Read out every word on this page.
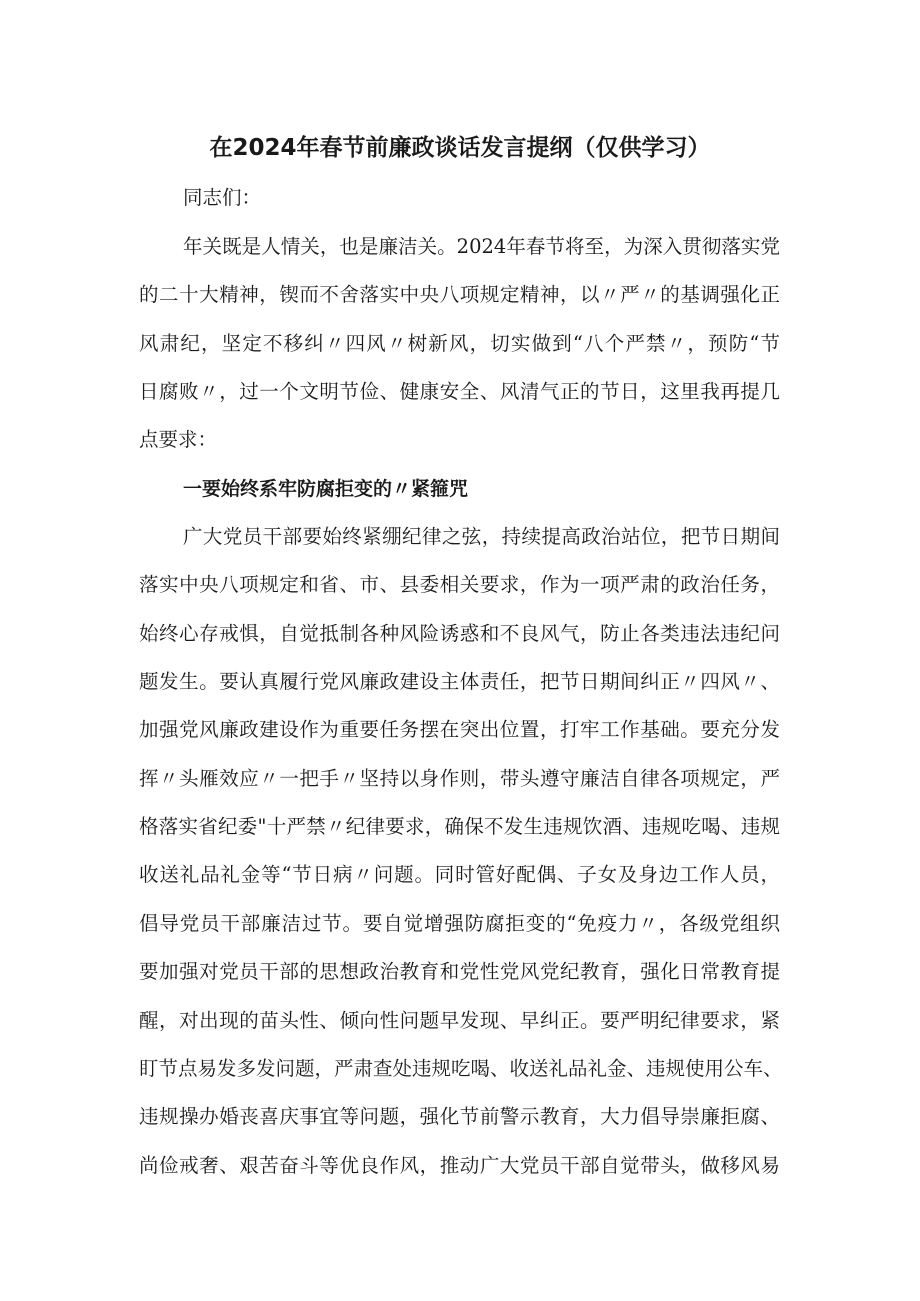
在2024年春节前廉政谈话发言提纲（仅供学习）
同志们：
年关既是人情关，也是廉洁关。2024年春节将至，为深入贯彻落实党
的二十大精神，锲而不舍落实中央八项规定精神，以〃严〃的基调强化正
风肃纪，坚定不移纠〃四风〃树新风，切实做到“八个严禁〃，预防“节
日腐败〃，过一个文明节俭、健康安全、风清气正的节日，这里我再提几
点要求：
一要始终系牢防腐拒变的〃紧箍咒
广大党员干部要始终紧绷纪律之弦，持续提高政治站位，把节日期间
落实中央八项规定和省、市、县委相关要求，作为一项严肃的政治任务，
始终心存戒惧，自觉抵制各种风险诱惑和不良风气，防止各类违法违纪问
题发生。要认真履行党风廉政建设主体责任，把节日期间纠正〃四风〃、
加强党风廉政建设作为重要任务摆在突出位置，打牢工作基础。要充分发
挥〃头雁效应〃一把手〃坚持以身作则，带头遵守廉洁自律各项规定，严
格落实省纪委"十严禁〃纪律要求，确保不发生违规饮酒、违规吃喝、违规
收送礼品礼金等“节日病〃问题。同时管好配偶、子女及身边工作人员，
倡导党员干部廉洁过节。要自觉增强防腐拒变的“免疫力〃，各级党组织
要加强对党员干部的思想政治教育和党性党风党纪教育，强化日常教育提
醒，对出现的苗头性、倾向性问题早发现、早纠正。要严明纪律要求，紧
盯节点易发多发问题，严肃查处违规吃喝、收送礼品礼金、违规使用公车、
违规操办婚丧喜庆事宜等问题，强化节前警示教育，大力倡导崇廉拒腐、
尚俭戒奢、艰苦奋斗等优良作风，推动广大党员干部自觉带头，做移风易
